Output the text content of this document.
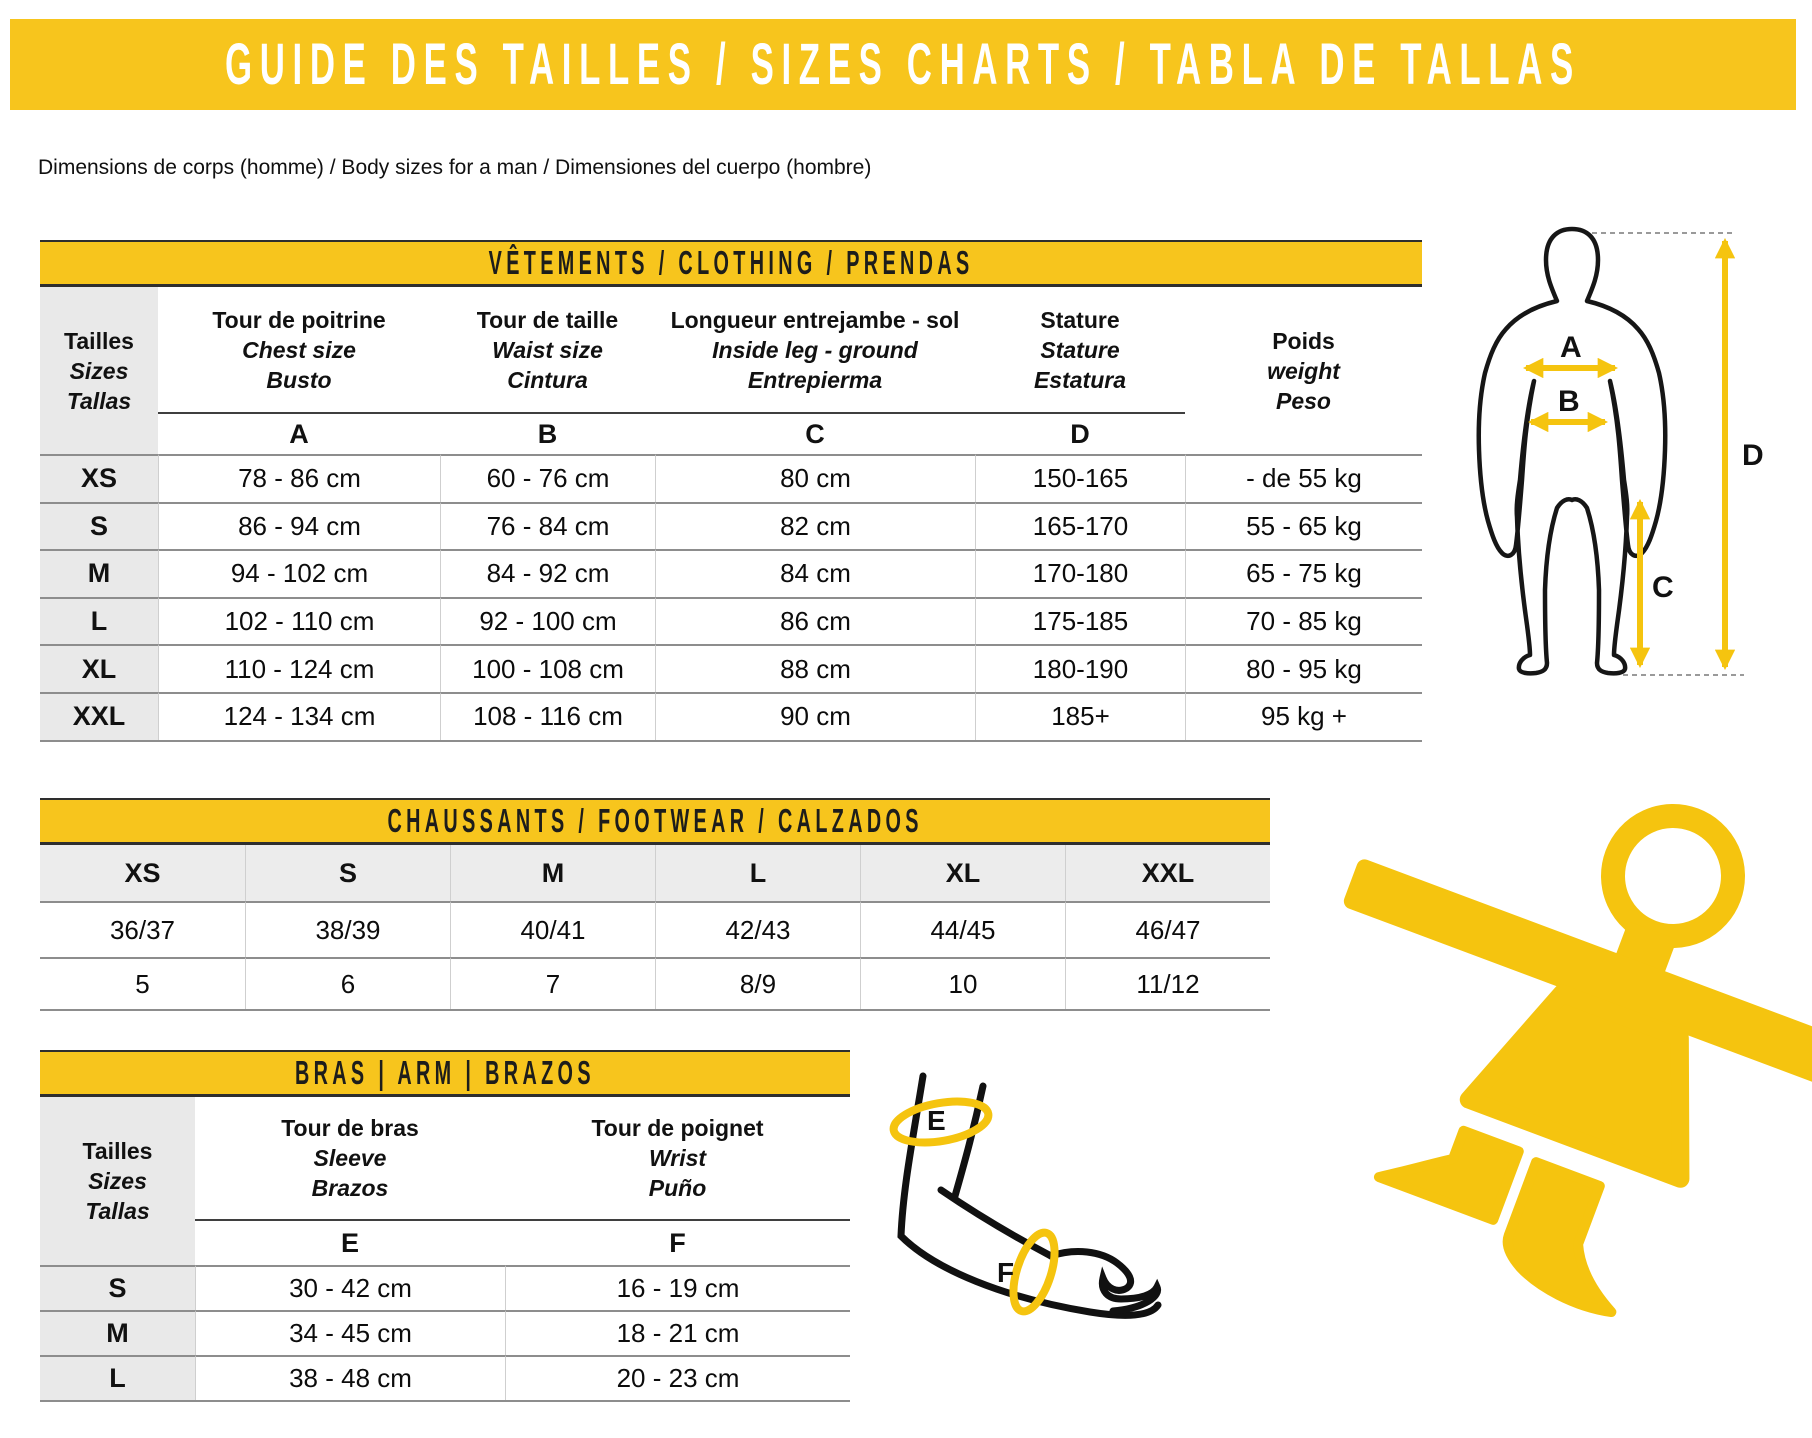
GUIDE DES TAILLES / SIZES CHARTS / TABLA DE TALLAS
Dimensions de corps (homme) / Body sizes for a man / Dimensiones del cuerpo (hombre)
VÊTEMENTS / CLOTHING / PRENDAS
Tailles
Sizes
Tallas
Tour de poitrine
Chest size
Busto
Tour de taille
Waist size
Cintura
Longueur entrejambe - sol
Inside leg - ground
Entrepierma
Stature
Stature
Estatura
Poids
weight
Peso
A	B	C	D
XS	78 - 86 cm	60 - 76 cm	80 cm	150-165	- de 55 kg
S	86 - 94 cm	76 - 84 cm	82 cm	165-170	55 - 65 kg
M	94 - 102 cm	84 - 92 cm	84 cm	170-180	65 - 75 kg
L	102 - 110 cm	92 - 100 cm	86 cm	175-185	70 - 85 kg
XL	110 - 124 cm	100 - 108 cm	88 cm	180-190	80 - 95 kg
XXL	124 - 134 cm	108 - 116 cm	90 cm	185+	95 kg +
CHAUSSANTS / FOOTWEAR / CALZADOS
XS	S	M	L	XL	XXL
36/37	38/39	40/41	42/43	44/45	46/47
5	6	7	8/9	10	11/12
BRAS | ARM | BRAZOS
Tailles
Sizes
Tallas
Tour de bras
Sleeve
Brazos
Tour de poignet
Wrist
Puño
E	F
S	30 - 42 cm	16 - 19 cm
M	34 - 45 cm	18 - 21 cm
L	38 - 48 cm	20 - 23 cm
A
B
C
D
E
F
